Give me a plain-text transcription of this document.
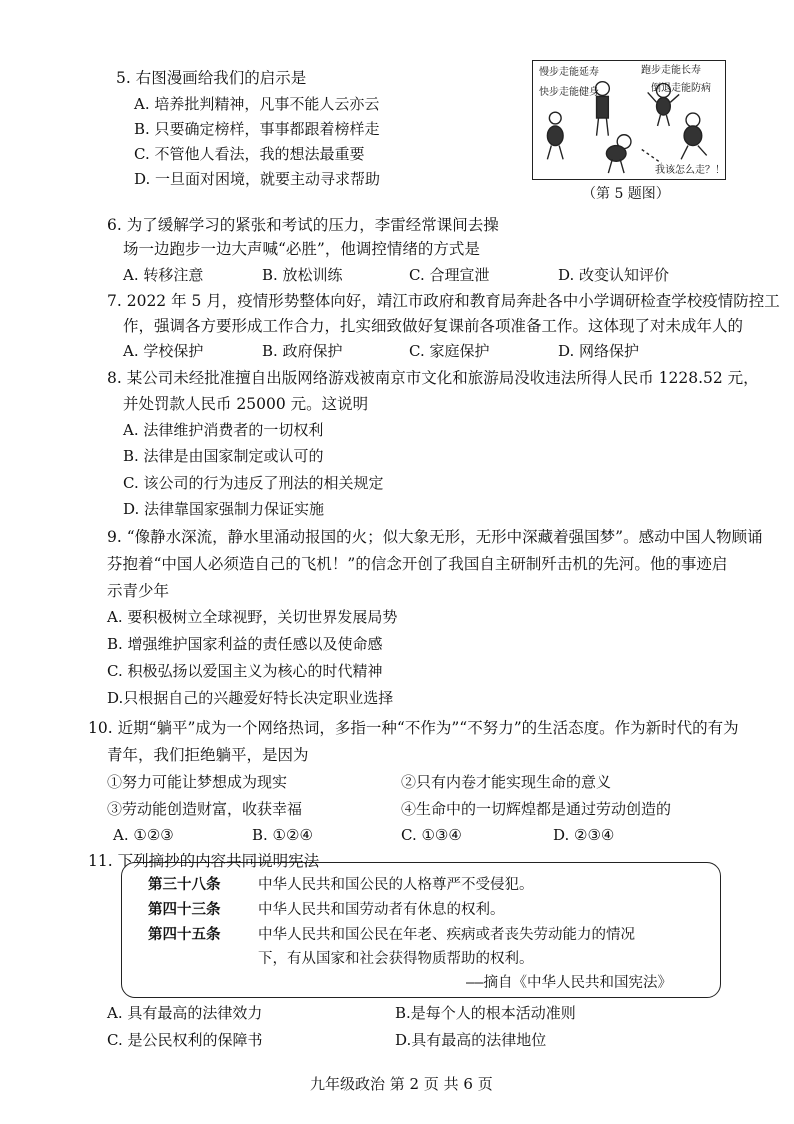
5. 右图漫画给我们的启示是
A. 培养批判精神，凡事不能人云亦云
B. 只要确定榜样，事事都跟着榜样走
C. 不管他人看法，我的想法最重要
D. 一旦面对困境，就要主动寻求帮助
慢步走能延寿
快步走能健身
跑步走能长寿
倒退走能防病
我该怎么走？！
（第 5 题图）
6. 为了缓解学习的紧张和考试的压力，李雷经常课间去操
场一边跑步一边大声喊“必胜”，他调控情绪的方式是
A. 转移注意	B. 放松训练	C. 合理宣泄	D. 改变认知评价
7. 2022 年 5 月，疫情形势整体向好，靖江市政府和教育局奔赴各中小学调研检查学校疫情防控工
作，强调各方要形成工作合力，扎实细致做好复课前各项准备工作。这体现了对未成年人的
A. 学校保护	B. 政府保护	C. 家庭保护	D. 网络保护
8. 某公司未经批准擅自出版网络游戏被南京市文化和旅游局没收违法所得人民币 1228.52 元，
并处罚款人民币 25000 元。这说明
A. 法律维护消费者的一切权利
B. 法律是由国家制定或认可的
C. 该公司的行为违反了刑法的相关规定
D. 法律靠国家强制力保证实施
9. “像静水深流，静水里涌动报国的火；似大象无形，无形中深藏着强国梦”。感动中国人物顾诵
芬抱着“中国人必须造自己的飞机！”的信念开创了我国自主研制歼击机的先河。他的事迹启
示青少年
A. 要积极树立全球视野，关切世界发展局势
B. 增强维护国家利益的责任感以及使命感
C. 积极弘扬以爱国主义为核心的时代精神
D.只根据自己的兴趣爱好特长决定职业选择
10. 近期“躺平”成为一个网络热词，多指一种“不作为”“不努力”的生活态度。作为新时代的有为
青年，我们拒绝躺平，是因为
①努力可能让梦想成为现实	②只有内卷才能实现生命的意义
③劳动能创造财富，收获幸福	④生命中的一切辉煌都是通过劳动创造的
A. ①②③	B. ①②④	C. ①③④	D. ②③④
11. 下列摘抄的内容共同说明宪法
第三十八条	中华人民共和国公民的人格尊严不受侵犯。
第四十三条	中华人民共和国劳动者有休息的权利。
第四十五条	中华人民共和国公民在年老、疾病或者丧失劳动能力的情况
下，有从国家和社会获得物质帮助的权利。
——摘自《中华人民共和国宪法》
A. 具有最高的法律效力	B.是每个人的根本活动准则
C. 是公民权利的保障书	D.具有最高的法律地位
九年级政治 第 2 页 共 6 页
